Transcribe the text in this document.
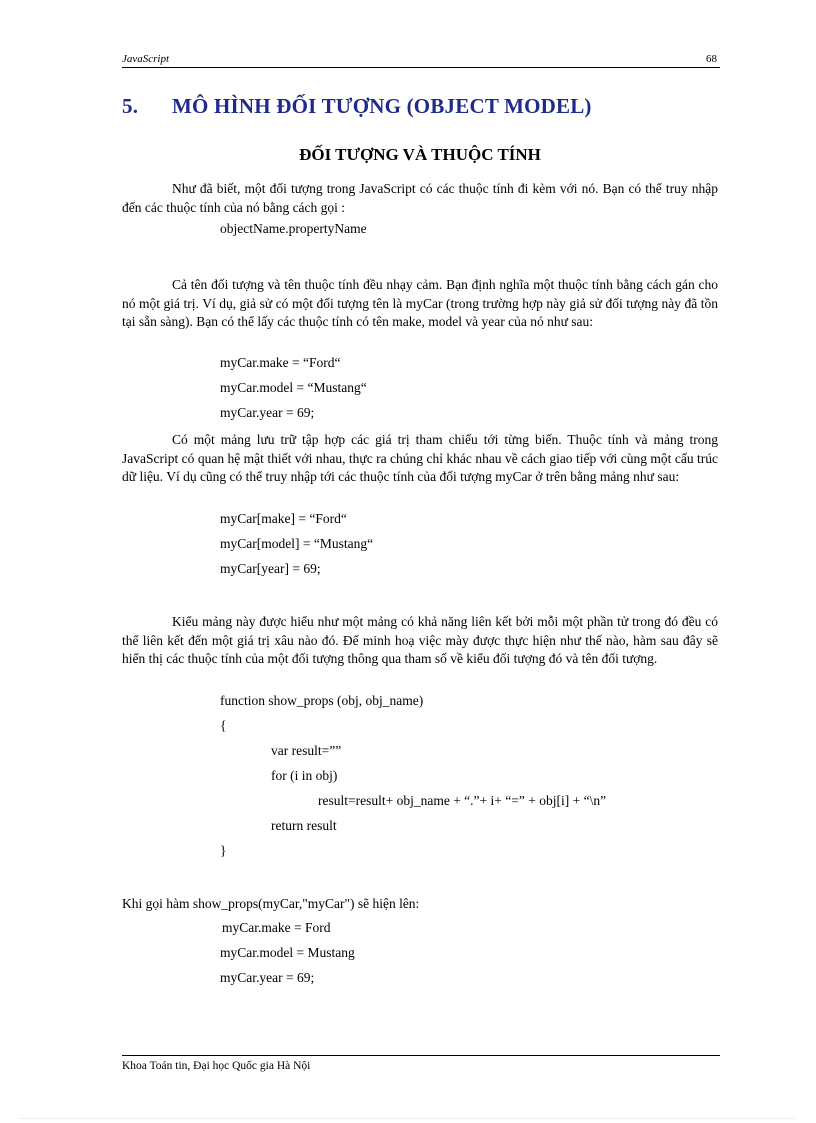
JavaScript	68
5. MÔ HÌNH ĐỐI TƯỢNG (OBJECT MODEL)
ĐỐI TƯỢNG VÀ THUỘC TÍNH
Như đã biết, một đối tượng trong JavaScript có các thuộc tính đi kèm với nó. Bạn có thể truy nhập đến các thuộc tính của nó bằng cách gọi :
objectName.propertyName
Cả tên đối tượng và tên thuộc tính đều nhạy cảm. Bạn định nghĩa một thuộc tính bằng cách gán cho nó một giá trị. Ví dụ, giả sử có một đối tượng tên là myCar (trong trường hợp này giả sử đối tượng này đã tồn tại sẵn sàng). Bạn có thể lấy các thuộc tính có tên make, model và year của nó như sau:
myCar.make = “Ford“
myCar.model = “Mustang“
myCar.year = 69;
Có một mảng lưu trữ tập hợp các giá trị tham chiếu tới từng biến. Thuộc tính và mảng trong JavaScript có quan hệ mật thiết với nhau, thực ra chúng chỉ khác nhau về cách giao tiếp với cùng một cấu trúc dữ liệu. Ví dụ cũng có thể truy nhập tới các thuộc tính của đối tượng myCar ở trên bằng mảng như sau:
myCar[make] = “Ford“
myCar[model] = “Mustang“
myCar[year] = 69;
Kiểu mảng này được hiểu như một mảng có khả năng liên kết bởi mỗi một phần tử trong đó đều có thể liên kết đến một giá trị xâu nào đó. Để minh hoạ việc mày được thực hiện như thế nào, hàm sau đây sẽ hiển thị các thuộc tính của một đối tượng thông qua tham số về kiểu đối tượng đó và tên đối tượng.
function show_props (obj, obj_name)
{
var result=””
for (i in obj)
result=result+ obj_name + “.”+ i+ “=” + obj[i] + “\n”
return result
}
Khi gọi hàm show_props(myCar,"myCar") sẽ hiện lên:
myCar.make = Ford
myCar.model = Mustang
myCar.year = 69;
Khoa Toán tin, Đại học Quốc gia Hà Nội
